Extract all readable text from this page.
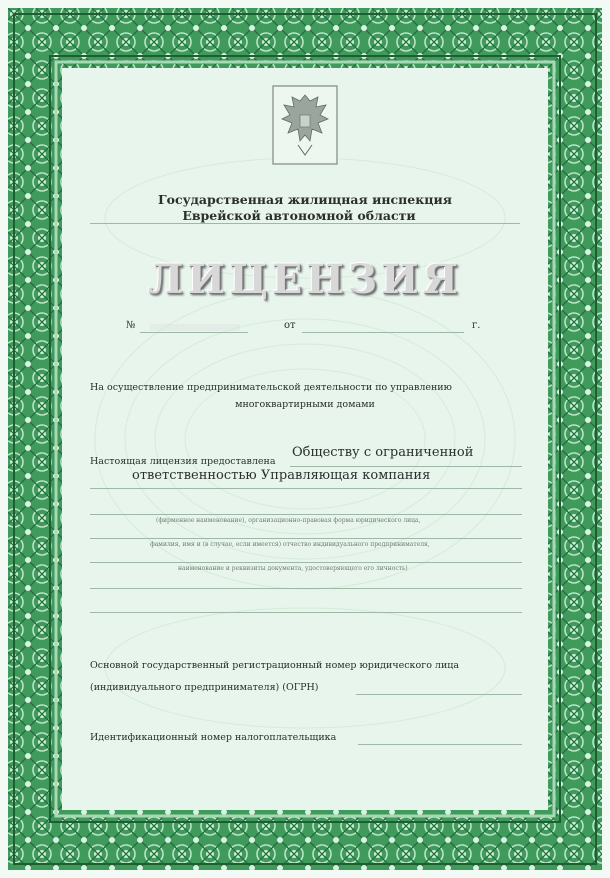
Государственная жилищная инспекция
Еврейской автономной области
ЛИЦЕНЗИЯ
№	от	г.
На осуществление предпринимательской деятельности по управлению
многоквартирными домами
Настоящая лицензия предоставлена
Обществу с ограниченной
ответственностью Управляющая компания
(фирменное наименование), организационно-правовая форма юридического лица,
фамилия, имя и (в случае, если имеется) отчество индивидуального предпринимателя,
наименование и реквизиты документа, удостоверяющего его личность)
Основной государственный регистрационный номер юридического лица
(индивидуального предпринимателя) (ОГРН)
Идентификационный номер налогоплательщика
